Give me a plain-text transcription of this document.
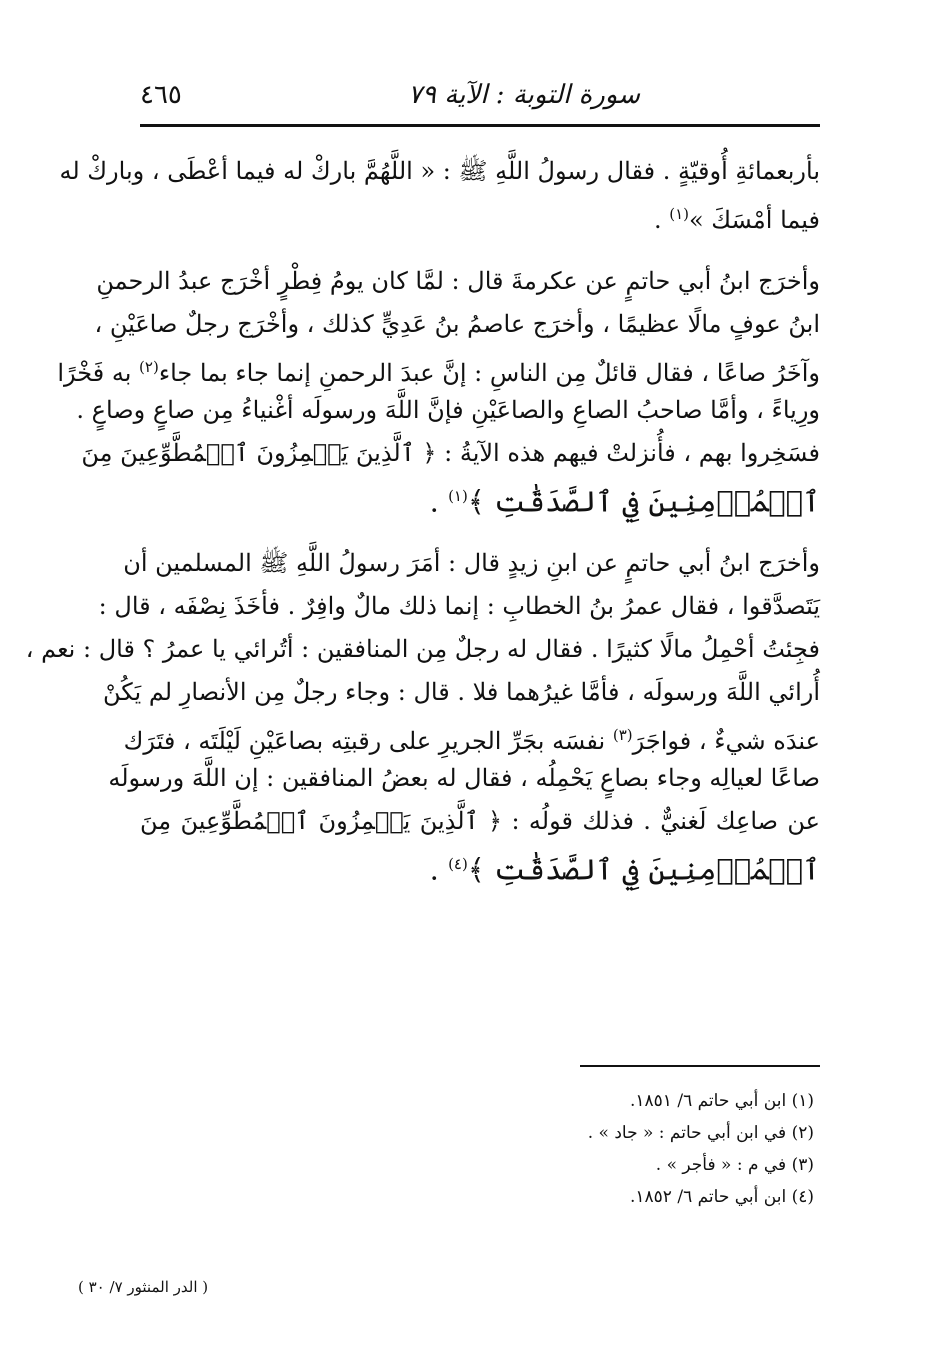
سورة التوبة : الآية ٧٩
٤٦٥
بأربعمائةِ أُوقيّةٍ . فقال رسولُ اللَّهِ ﷺ : « اللَّهُمَّ باركْ له فيما أعْطَى ، وباركْ له
فيما أمْسَكَ »$^{(١)}$ .
وأخرَج ابنُ أبي حاتمٍ عن عكرمةَ قال : لمَّا كان يومُ فِطْرٍ أخْرَج عبدُ الرحمنِ
ابنُ عوفٍ مالًا عظيمًا ، وأخرَج عاصمُ بنُ عَدِيٍّ كذلك ، وأخْرَج رجلٌ صاعَيْنِ ،
وآخَرُ صاعًا ، فقال قائلٌ مِن الناسِ : إنَّ عبدَ الرحمنِ إنما جاء بما جاء$^{(٢)}$ به فَخْرًا
ورِياءً ، وأمَّا صاحبُ الصاعِ والصاعَيْنِ فإنَّ اللَّهَ ورسولَه أغْنياءُ مِن صاعٍ وصاعٍ .
فسَخِروا بهم ، فأُنزلتْ فيهم هذه الآيةُ : ﴿ ٱلَّذِينَ يَلۡمِزُونَ ٱلۡمُطَّوِّعِينَ مِنَ
ٱلۡمُؤۡمِنِينَ فِي ٱلصَّدَقَٰتِ ﴾$^{(١)}$ .
وأخرَج ابنُ أبي حاتمٍ عن ابنِ زيدٍ قال : أمَرَ رسولُ اللَّهِ ﷺ المسلمين أن
يَتَصدَّقوا ، فقال عمرُ بنُ الخطابِ : إنما ذلك مالٌ وافِرٌ . فأخَذَ نِصْفَه ، قال :
فجِئتُ أحْمِلُ مالًا كثيرًا . فقال له رجلٌ مِن المنافقين : أتُرائي يا عمرُ ؟ قال : نعم ،
أُرائي اللَّهَ ورسولَه ، فأمَّا غيرُهما فلا . قال : وجاء رجلٌ مِن الأنصارِ لم يَكُنْ
عندَه شيءٌ ، فواجَرَ$^{(٣)}$ نفسَه بجَرِّ الجريرِ على رقبتِه بصاعَيْنِ لَيْلَتَه ، فتَرَك
صاعًا لعيالِه وجاء بصاعٍ يَحْمِلُه ، فقال له بعضُ المنافقين : إن اللَّهَ ورسولَه
عن صاعِك لَغنيٌّ . فذلك قولُه : ﴿ ٱلَّذِينَ يَلۡمِزُونَ ٱلۡمُطَّوِّعِينَ مِنَ
ٱلۡمُؤۡمِنِينَ فِي ٱلصَّدَقَٰتِ ﴾$^{(٤)}$ .
(١) ابن أبي حاتم ٦/ ١٨٥١.
(٢) في ابن أبي حاتم : « جاد » .
(٣) في م : « فأجر » .
(٤) ابن أبي حاتم ٦/ ١٨٥٢.
( الدر المنثور ٧/ ٣٠ )
